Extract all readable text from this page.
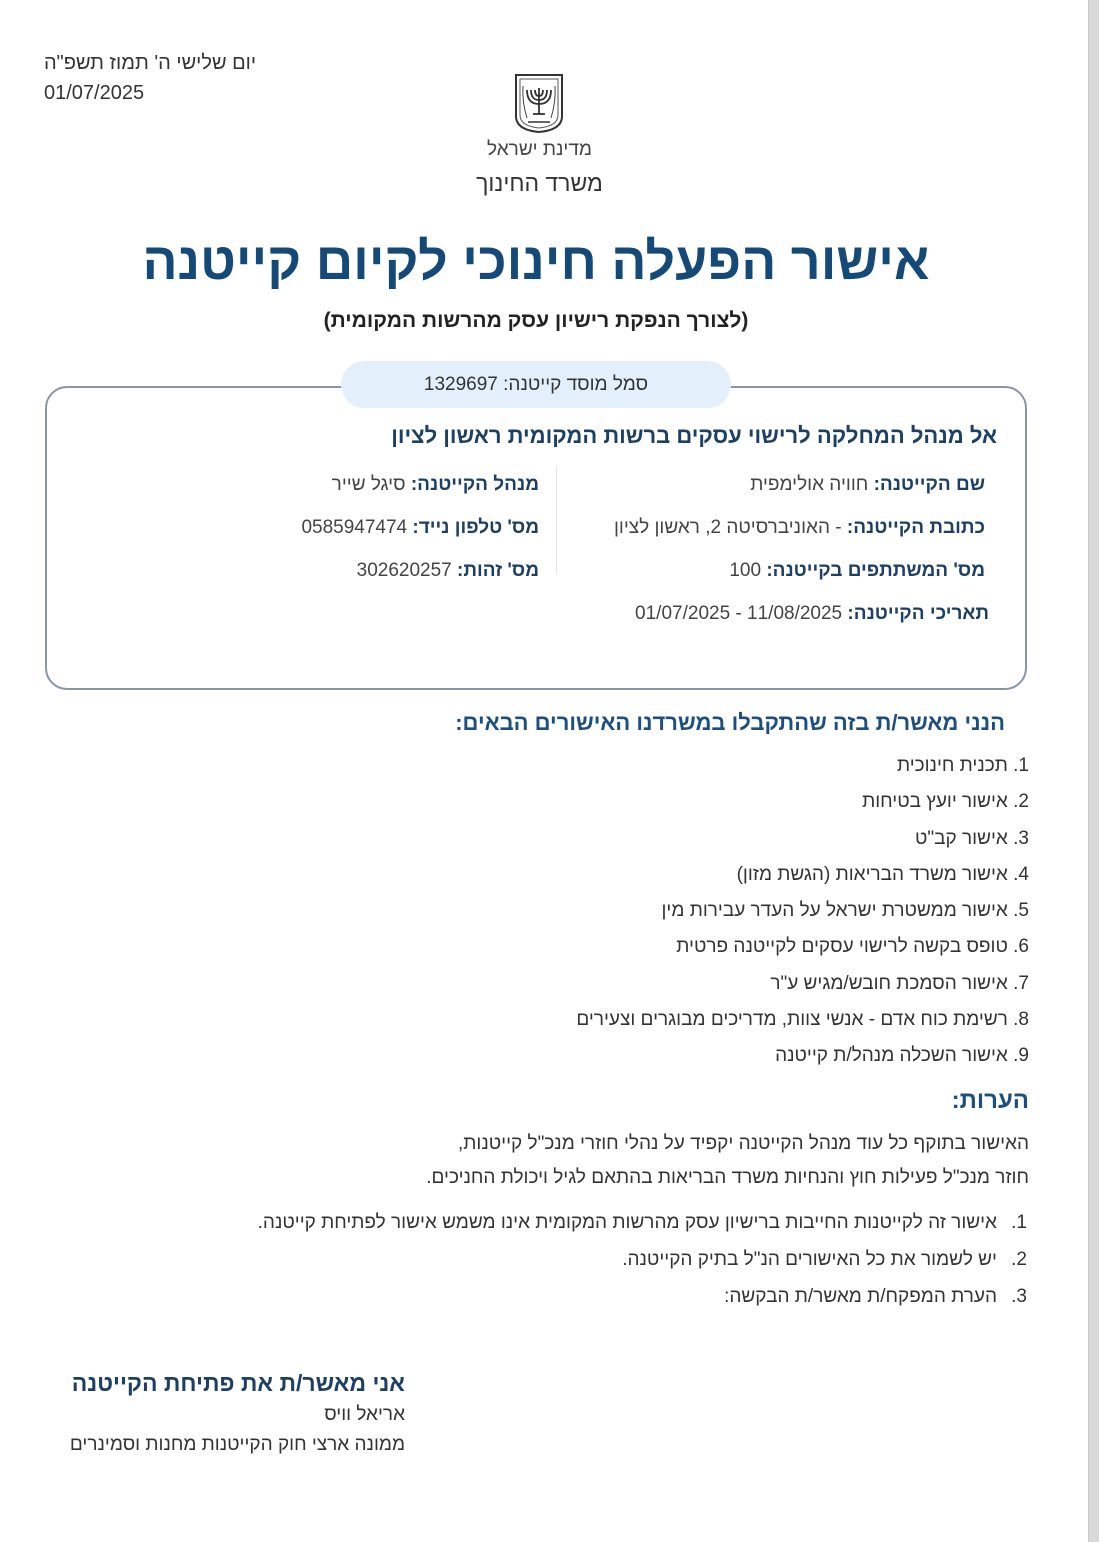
יום שלישי ה' תמוז תשפ"ה
01/07/2025
מדינת ישראל
משרד החינוך
אישור הפעלה חינוכי לקיום קייטנה
(לצורך הנפקת רישיון עסק מהרשות המקומית)
סמל מוסד קייטנה: 1329697
אל מנהל המחלקה לרישוי עסקים ברשות המקומית ראשון לציון
שם הקייטנה: חוויה אולימפית
כתובת הקייטנה: - האוניברסיטה 2, ראשון לציון
מס' המשתתפים בקייטנה: 100
תאריכי הקייטנה: 11/08/2025 - 01/07/2025
מנהל הקייטנה: סיגל שייר
מס' טלפון נייד: 0585947474
מס' זהות: 302620257
הנני מאשר/ת בזה שהתקבלו במשרדנו האישורים הבאים:
1. תכנית חינוכית
2. אישור יועץ בטיחות
3. אישור קב"ט
4. אישור משרד הבריאות (הגשת מזון)
5. אישור ממשטרת ישראל על העדר עבירות מין
6. טופס בקשה לרישוי עסקים לקייטנה פרטית
7. אישור הסמכת חובש/מגיש ע"ר
8. רשימת כוח אדם - אנשי צוות, מדריכים מבוגרים וצעירים
9. אישור השכלה מנהל/ת קייטנה
הערות:
האישור בתוקף כל עוד מנהל הקייטנה יקפיד על נהלי חוזרי מנכ"ל קייטנות,
חוזר מנכ"ל פעילות חוץ והנחיות משרד הבריאות בהתאם לגיל ויכולת החניכים.
1.אישור זה לקייטנות החייבות ברישיון עסק מהרשות המקומית אינו משמש אישור לפתיחת קייטנה.
2.יש לשמור את כל האישורים הנ"ל בתיק הקייטנה.
3.הערת המפקח/ת מאשר/ת הבקשה:
אני מאשר/ת את פתיחת הקייטנה
אריאל וויס
ממונה ארצי חוק הקייטנות מחנות וסמינרים
